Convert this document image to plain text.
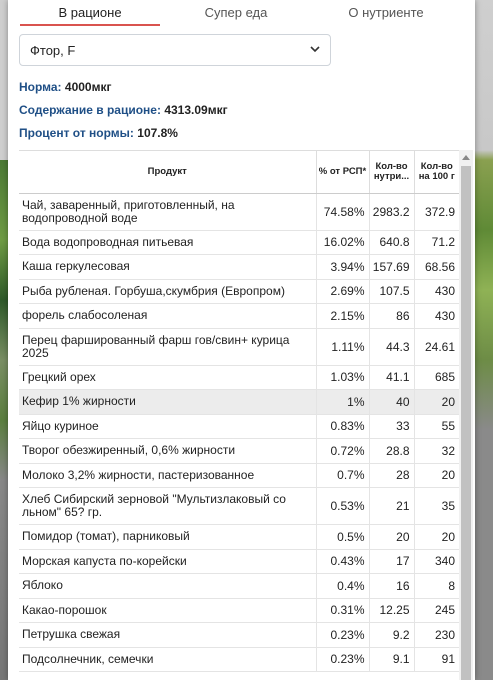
В рационе	Супер еда	О нутриенте
Фтор, F
Норма: 4000мкг
Содержание в рационе: 4313.09мкг
Процент от нормы: 107.8%
Продукт	% от РСП*	Кол-во нутри...	Кол-во на 100 г
Чай, заваренный, приготовленный, на водопроводной воде	74.58%	2983.2	372.9
Вода водопроводная питьевая	16.02%	640.8	71.2
Каша геркулесовая	3.94%	157.69	68.56
Рыба рубленая. Горбуша,скумбрия (Европром)	2.69%	107.5	430
форель слабосоленая	2.15%	86	430
Перец фаршированный фарш гов/свин+ курица 2025	1.11%	44.3	24.61
Грецкий орех	1.03%	41.1	685
Кефир 1% жирности	1%	40	20
Яйцо куриное	0.83%	33	55
Творог обезжиренный, 0,6% жирности	0.72%	28.8	32
Молоко 3,2% жирности, пастеризованное	0.7%	28	20
Хлеб Сибирский зерновой "Мультизлаковый со льном" 65? гр.	0.53%	21	35
Помидор (томат), парниковый	0.5%	20	20
Морская капуста по-корейски	0.43%	17	340
Яблоко	0.4%	16	8
Какао-порошок	0.31%	12.25	245
Петрушка свежая	0.23%	9.2	230
Подсолнечник, семечки	0.23%	9.1	91
